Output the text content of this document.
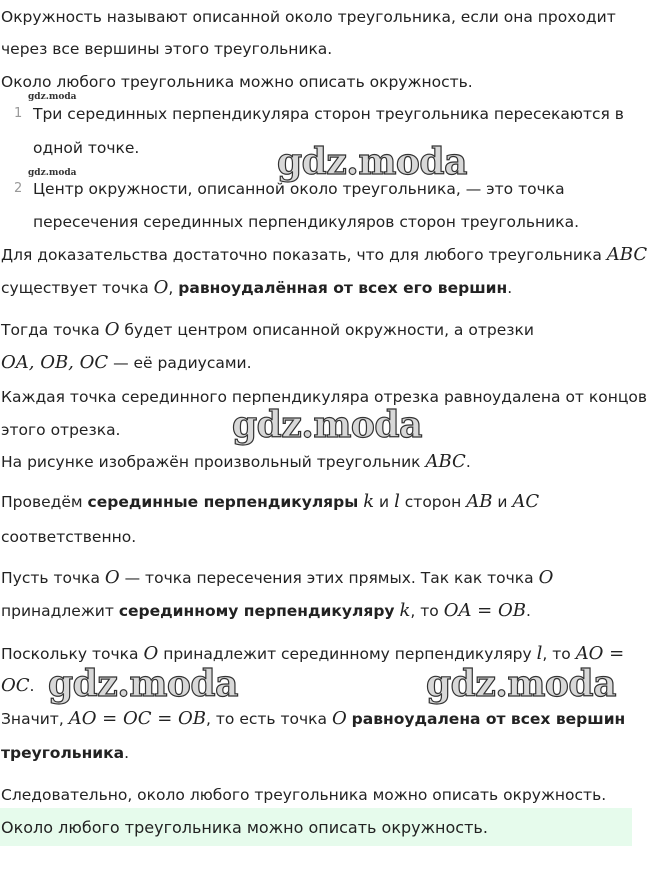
Окружность называют описанной около треугольника, если она проходит
через все вершины этого треугольника.
Около любого треугольника можно описать окружность.
gdz.moda
1 Три серединных перпендикуляра сторон треугольника пересекаются в
одной точке.
gdz.moda
2 Центр окружности, описанной около треугольника, — это точка
пересечения серединных перпендикуляров сторон треугольника.
Для доказательства достаточно показать, что для любого треугольника ABC
существует точка O, равноудалённая от всех его вершин.
Тогда точка O будет центром описанной окружности, а отрезки
OA, OB, OC — её радиусами.
Каждая точка серединного перпендикуляра отрезка равноудалена от концов
этого отрезка.
На рисунке изображён произвольный треугольник ABC.
Проведём серединные перпендикуляры k и l сторон AB и AC
соответственно.
Пусть точка O — точка пересечения этих прямых. Так как точка O
принадлежит серединному перпендикуляру k, то OA = OB.
Поскольку точка O принадлежит серединному перпендикуляру l, то AO =
OC.
Значит, AO = OC = OB, то есть точка O равноудалена от всех вершин
треугольника.
Следовательно, около любого треугольника можно описать окружность.
Около любого треугольника можно описать окружность.
gdz.moda
gdz.moda
gdz.moda	gdz.moda
